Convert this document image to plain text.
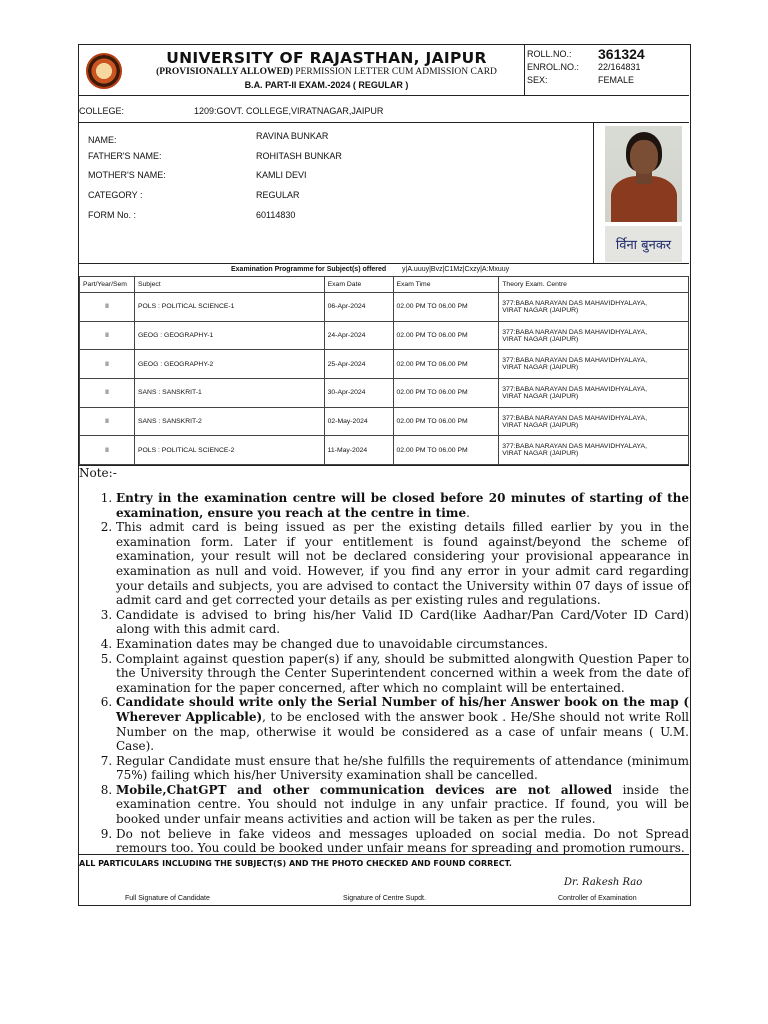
UNIVERSITY OF RAJASTHAN, JAIPUR
(PROVISIONALLY ALLOWED) PERMISSION LETTER CUM ADMISSION CARD
B.A. PART-II EXAM.-2024 ( REGULAR )
ROLL.NO.: 361324
ENROL.NO.: 22/164831
SEX:	FEMALE
COLLEGE:	1209:GOVT. COLLEGE,VIRATNAGAR,JAIPUR
NAME:	RAVINA BUNKAR
FATHER'S NAME:	ROHITASH BUNKAR
MOTHER'S NAME:	KAMLI DEVI
CATEGORY :	REGULAR
FORM No. :	60114830
र्विना बुनकर
Examination Programme for Subject(s) offered y|A.uuuy|Bvz|C1Mz|Cxzy|A:Mxuuy
Part/Year/Sem	Subject	Exam Date	Exam Time	Theory Exam. Centre
II	POLS : POLITICAL SCIENCE-1	06-Apr-2024	02.00 PM TO 06.00 PM	377:BABA NARAYAN DAS MAHAVIDHYALAYA,
VIRAT NAGAR (JAIPUR)

II	GEOG : GEOGRAPHY-1	24-Apr-2024	02.00 PM TO 06.00 PM	377:BABA NARAYAN DAS MAHAVIDHYALAYA,
VIRAT NAGAR (JAIPUR)

II	GEOG : GEOGRAPHY-2	25-Apr-2024	02.00 PM TO 06.00 PM	377:BABA NARAYAN DAS MAHAVIDHYALAYA,
VIRAT NAGAR (JAIPUR)

II	SANS : SANSKRIT-1	30-Apr-2024	02.00 PM TO 06.00 PM	377:BABA NARAYAN DAS MAHAVIDHYALAYA,
VIRAT NAGAR (JAIPUR)

II	SANS : SANSKRIT-2	02-May-2024	02.00 PM TO 06.00 PM	377:BABA NARAYAN DAS MAHAVIDHYALAYA,
VIRAT NAGAR (JAIPUR)

II	POLS : POLITICAL SCIENCE-2	11-May-2024	02.00 PM TO 06.00 PM	377:BABA NARAYAN DAS MAHAVIDHYALAYA,
VIRAT NAGAR (JAIPUR)
Note:-
1. Entry in the examination centre will be closed before 20 minutes of starting of the examination, ensure you reach at the centre in time.
2. This admit card is being issued as per the existing details filled earlier by you in the examination form. Later if your entitlement is found against/beyond the scheme of examination, your result will not be declared considering your provisional appearance in examination as null and void. However, if you find any error in your admit card regarding your details and subjects, you are advised to contact the University within 07 days of issue of admit card and get corrected your details as per existing rules and regulations.
3. Candidate is advised to bring his/her Valid ID Card(like Aadhar/Pan Card/Voter ID Card) along with this admit card.
4. Examination dates may be changed due to unavoidable circumstances.
5. Complaint against question paper(s) if any, should be submitted alongwith Question Paper to the University through the Center Superintendent concerned within a week from the date of examination for the paper concerned, after which no complaint will be entertained.
6. Candidate should write only the Serial Number of his/her Answer book on the map ( Wherever Applicable), to be enclosed with the answer book . He/She should not write Roll Number on the map, otherwise it would be considered as a case of unfair means ( U.M. Case).
7. Regular Candidate must ensure that he/she fulfills the requirements of attendance (minimum 75%) failing which his/her University examination shall be cancelled.
8. Mobile,ChatGPT and other communication devices are not allowed inside the examination centre. You should not indulge in any unfair practice. If found, you will be booked under unfair means activities and action will be taken as per the rules.
9. Do not believe in fake videos and messages uploaded on social media. Do not Spread remours too. You could be booked under unfair means for spreading and promotion rumours.
ALL PARTICULARS INCLUDING THE SUBJECT(S) AND THE PHOTO CHECKED AND FOUND CORRECT.
Dr. Rakesh Rao
Full Signature of Candidate	Signature of Centre Supdt.	Controller of Examination
